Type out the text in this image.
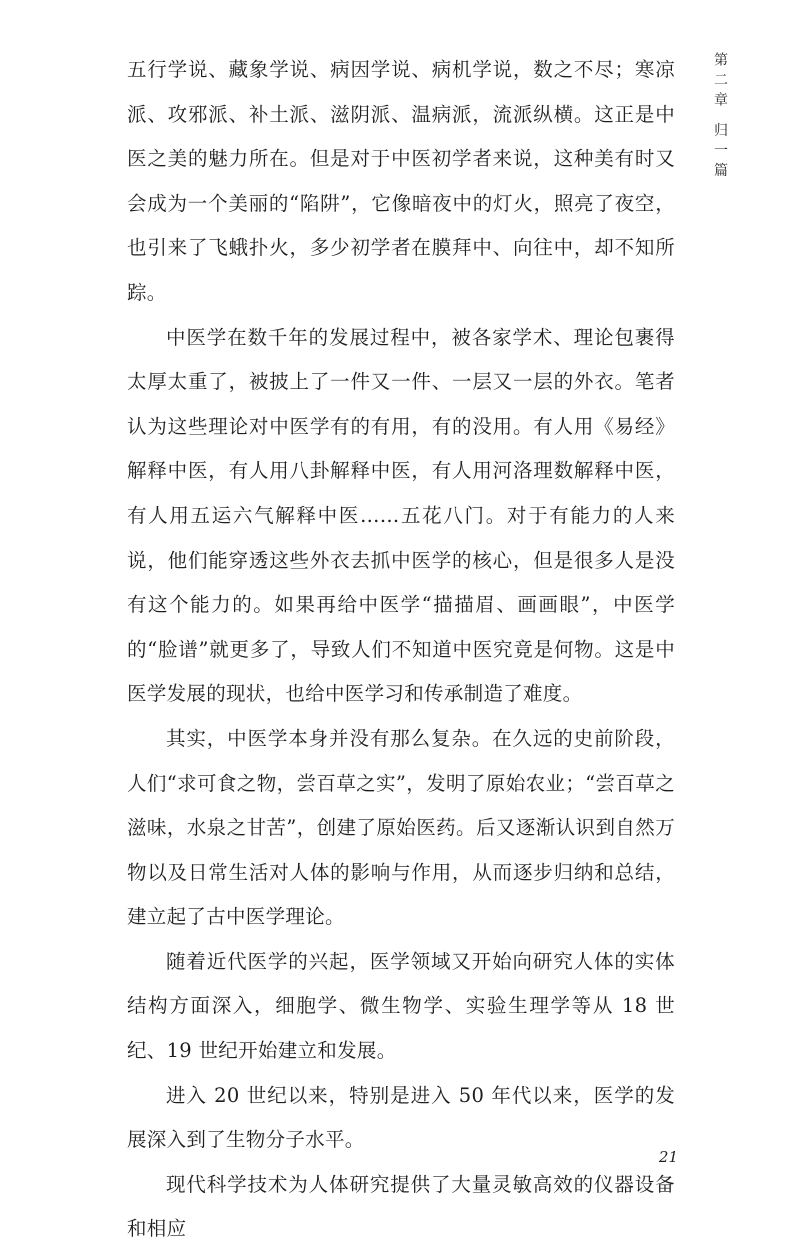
第二章 归一篇

五行学说、藏象学说、病因学说、病机学说，数之不尽；寒凉派、攻邪派、补土派、滋阴派、温病派，流派纵横。这正是中医之美的魅力所在。但是对于中医初学者来说，这种美有时又会成为一个美丽的“陷阱”，它像暗夜中的灯火，照亮了夜空，也引来了飞蛾扑火，多少初学者在膜拜中、向往中，却不知所踪。

中医学在数千年的发展过程中，被各家学术、理论包裹得太厚太重了，被披上了一件又一件、一层又一层的外衣。笔者认为这些理论对中医学有的有用，有的没用。有人用《易经》解释中医，有人用八卦解释中医，有人用河洛理数解释中医，有人用五运六气解释中医……五花八门。对于有能力的人来说，他们能穿透这些外衣去抓中医学的核心，但是很多人是没有这个能力的。如果再给中医学“描描眉、画画眼”，中医学的“脸谱”就更多了，导致人们不知道中医究竟是何物。这是中医学发展的现状，也给中医学习和传承制造了难度。

其实，中医学本身并没有那么复杂。在久远的史前阶段，人们“求可食之物，尝百草之实”，发明了原始农业；“尝百草之滋味，水泉之甘苦”，创建了原始医药。后又逐渐认识到自然万物以及日常生活对人体的影响与作用，从而逐步归纳和总结，建立起了古中医学理论。

随着近代医学的兴起，医学领域又开始向研究人体的实体结构方面深入，细胞学、微生物学、实验生理学等从 18 世纪、19 世纪开始建立和发展。

进入 20 世纪以来，特别是进入 50 年代以来，医学的发展深入到了生物分子水平。

现代科学技术为人体研究提供了大量灵敏高效的仪器设备和相应

21
